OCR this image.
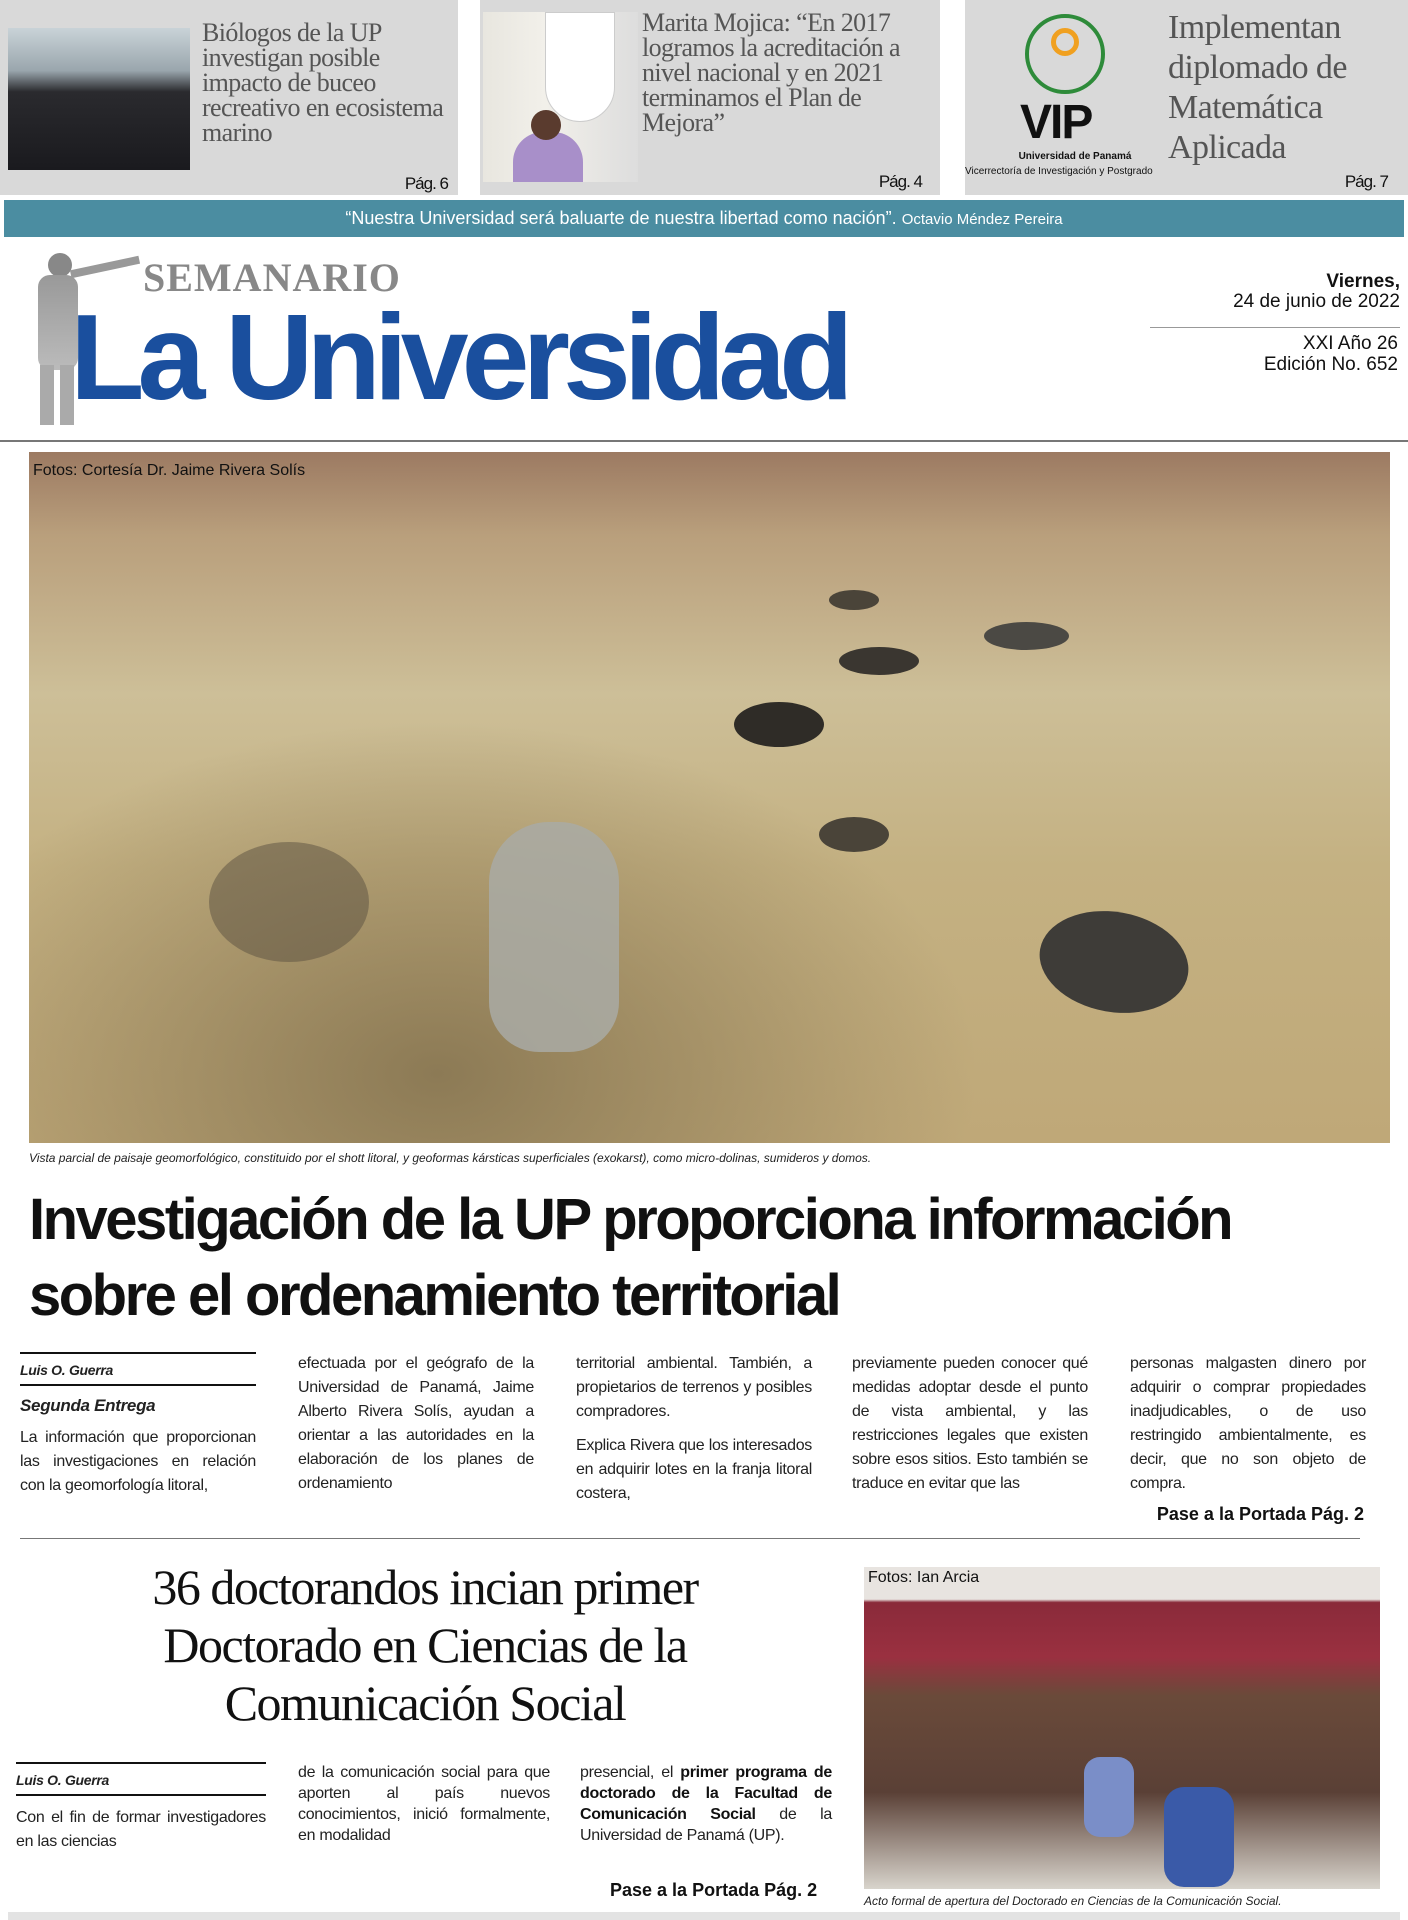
Biólogos de la UP investigan posible impacto de buceo recreativo en ecosistema marino
Pág. 6
Marita Mojica: “En 2017 logramos la acreditación a nivel nacional y en 2021 terminamos el Plan de Mejora”
Pág. 4
VIP
Universidad de Panamá
Vicerrectoría de Investigación y Postgrado
Implementan diplomado de Matemática Aplicada
Pág. 7
“Nuestra Universidad será baluarte de nuestra libertad como nación”. Octavio Méndez Pereira
SEMANARIO
La Universidad
Viernes,
24 de junio de 2022
XXI Año 26
Edición No. 652
Fotos: Cortesía Dr. Jaime Rivera Solís
Vista parcial de paisaje geomorfológico, constituido por el shott litoral, y geoformas kársticas superficiales (exokarst), como micro-dolinas, sumideros y domos.
Investigación de la UP proporciona información
sobre el ordenamiento territorial
Luis O. Guerra
Segunda Entrega
La información que proporcionan las investigaciones en relación con la geomorfología litoral,
efectuada por el geógrafo de la Universidad de Panamá, Jaime Alberto Rivera Solís, ayudan a orientar a las autoridades en la elaboración de los planes de ordenamiento
territorial ambiental. También, a propietarios de terrenos y posibles compradores.
Explica Rivera que los interesados en adquirir lotes en la franja litoral costera,
previamente pueden conocer qué medidas adoptar desde el punto de vista ambiental, y las restricciones legales que existen sobre esos sitios. Esto también se traduce en evitar que las
personas malgasten dinero por adquirir o comprar propiedades inadjudicables, o de uso restringido ambientalmente, es decir, que no son objeto de compra.
Pase a la Portada Pág. 2
36 doctorandos incian primer Doctorado en Ciencias de la Comunicación Social
Luis O. Guerra
Con el fin de formar investigadores en las ciencias
de la comunicación social para que aporten al país nuevos conocimientos, inició formalmente, en modalidad
presencial, el primer programa de doctorado de la Facultad de Comunicación Social de la Universidad de Panamá (UP).
Pase a la Portada Pág. 2
Fotos: Ian Arcia
Acto formal de apertura del Doctorado en Ciencias de la Comunicación Social.
